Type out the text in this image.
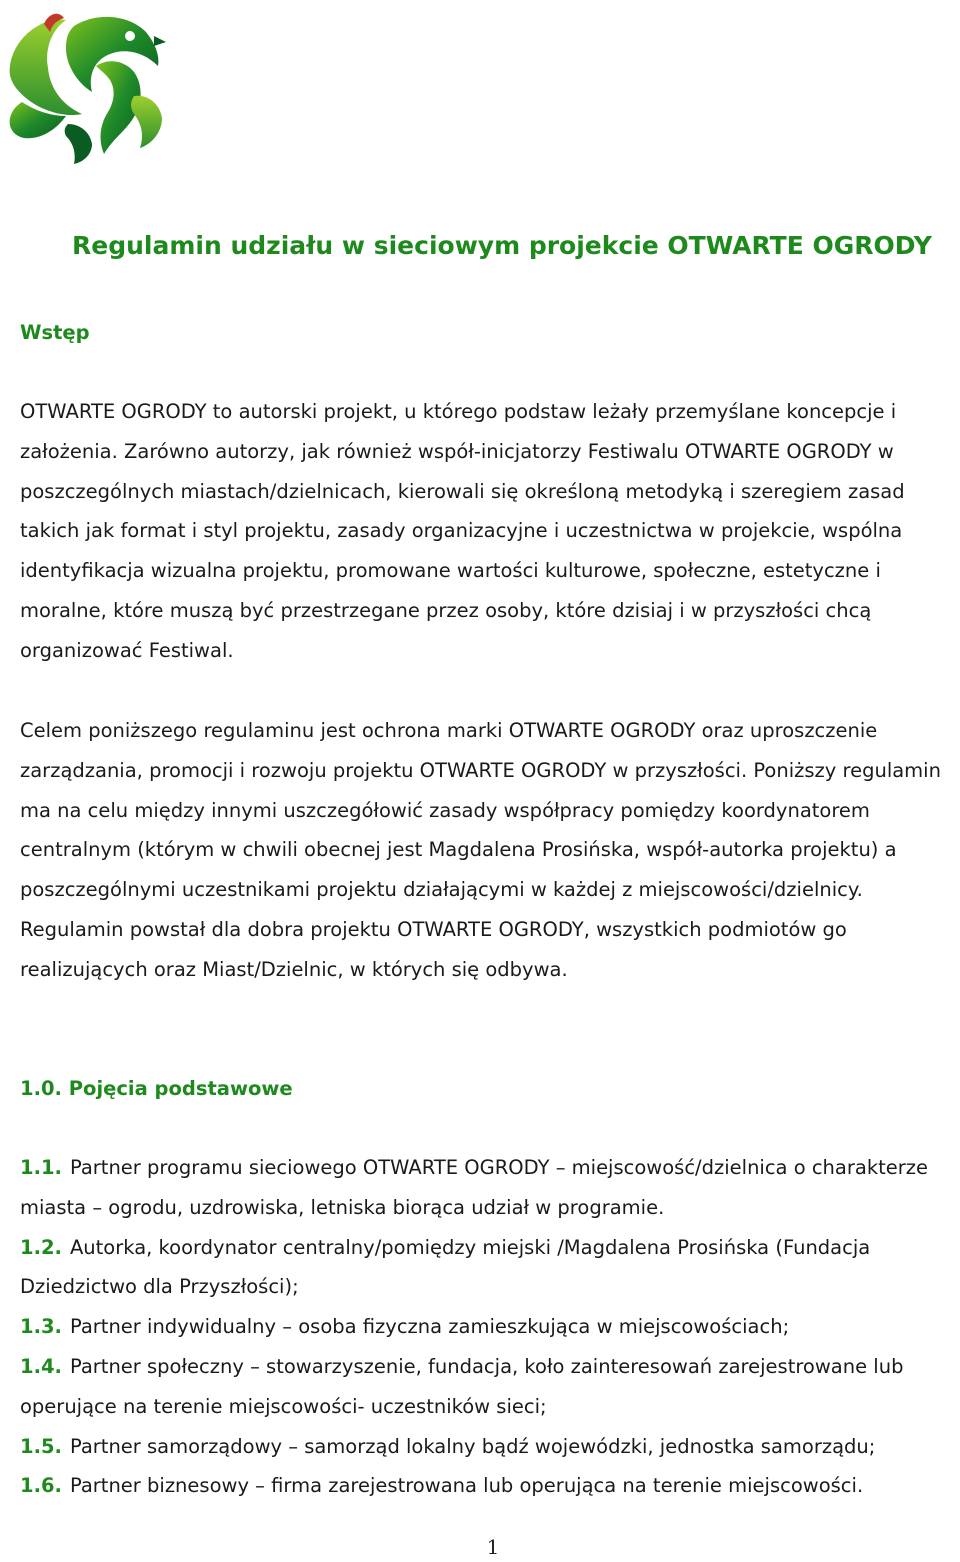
Regulamin udziału w sieciowym projekcie OTWARTE OGRODY
Wstęp

OTWARTE OGRODY to autorski projekt, u którego podstaw leżały przemyślane koncepcje i założenia. Zarówno autorzy, jak również współ-inicjatorzy Festiwalu OTWARTE OGRODY w poszczególnych miastach/dzielnicach, kierowali się określoną metodyką i szeregiem zasad takich jak format i styl projektu, zasady organizacyjne i uczestnictwa w projekcie, wspólna identyfikacja wizualna projektu, promowane wartości kulturowe, społeczne, estetyczne i moralne, które muszą być przestrzegane przez osoby, które dzisiaj i w przyszłości chcą organizować Festiwal.

Celem poniższego regulaminu jest ochrona marki OTWARTE OGRODY oraz uproszczenie zarządzania, promocji i rozwoju projektu OTWARTE OGRODY w przyszłości. Poniższy regulamin ma na celu między innymi uszczegółowić zasady współpracy pomiędzy koordynatorem centralnym (którym w chwili obecnej jest Magdalena Prosińska, współ-autorka projektu) a poszczególnymi uczestnikami projektu działającymi w każdej z miejscowości/dzielnicy. Regulamin powstał dla dobra projektu OTWARTE OGRODY, wszystkich podmiotów go realizujących oraz Miast/Dzielnic, w których się odbywa.

1.0. Pojęcia podstawowe

1.1. Partner programu sieciowego OTWARTE OGRODY – miejscowość/dzielnica o charakterze miasta – ogrodu, uzdrowiska, letniska biorąca udział w programie.

1.2. Autorka, koordynator centralny/pomiędzy miejski /Magdalena Prosińska (Fundacja Dziedzictwo dla Przyszłości);

1.3. Partner indywidualny – osoba fizyczna zamieszkująca w miejscowościach;

1.4. Partner społeczny – stowarzyszenie, fundacja, koło zainteresowań zarejestrowane lub operujące na terenie miejscowości- uczestników sieci;

1.5. Partner samorządowy – samorząd lokalny bądź wojewódzki, jednostka samorządu;

1.6. Partner biznesowy – firma zarejestrowana lub operująca na terenie miejscowości.

1
